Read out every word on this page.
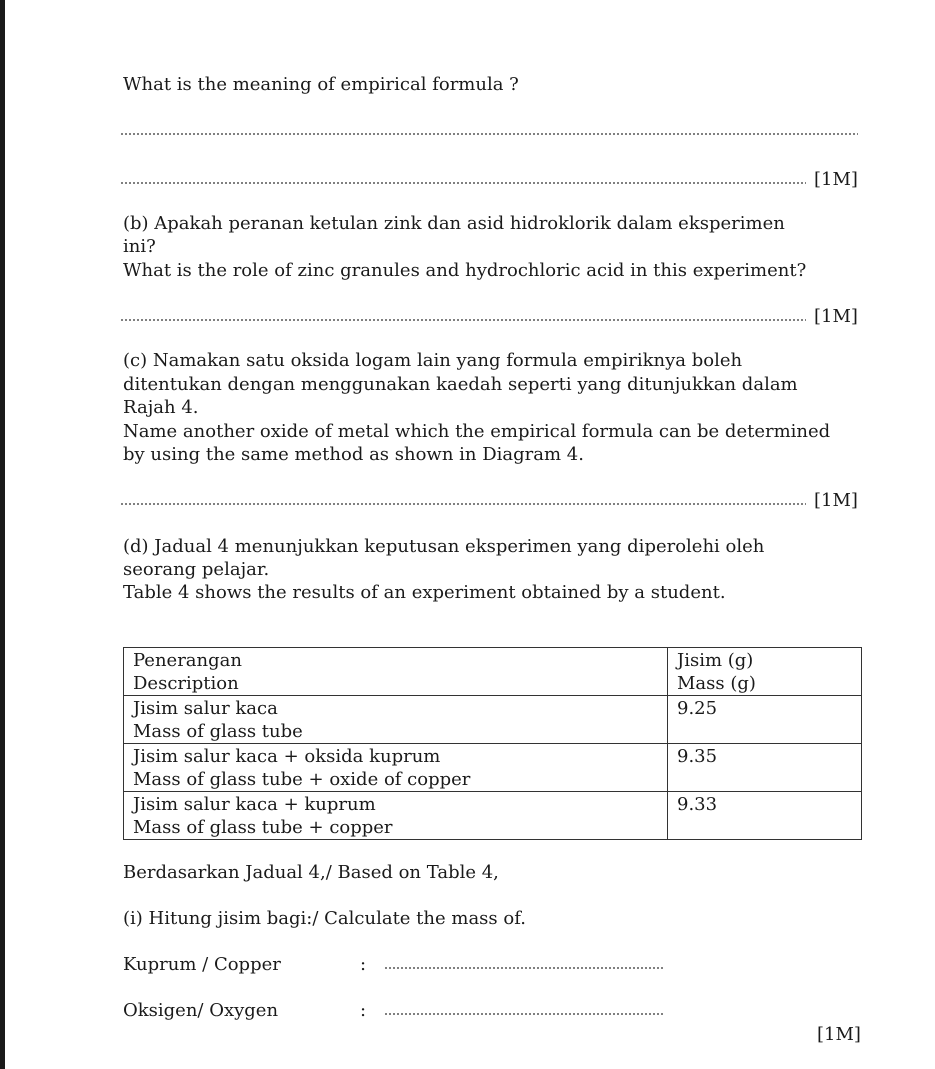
What is the meaning of empirical formula ?
[1M]
(b) Apakah peranan ketulan zink dan asid hidroklorik dalam eksperimen
ini?
What is the role of zinc granules and hydrochloric acid in this experiment?
[1M]
(c) Namakan satu oksida logam lain yang formula empiriknya boleh
ditentukan dengan menggunakan kaedah seperti yang ditunjukkan dalam
Rajah 4.
Name another oxide of metal which the empirical formula can be determined
by using the same method as shown in Diagram 4.
[1M]
(d) Jadual 4 menunjukkan keputusan eksperimen yang diperolehi oleh
seorang pelajar.
Table 4 shows the results of an experiment obtained by a student.
Penerangan
Description	Jisim (g)
Mass (g)

Jisim salur kaca
Mass of glass tube	9.25

Jisim salur kaca + oksida kuprum
Mass of glass tube + oxide of copper	9.35

Jisim salur kaca + kuprum
Mass of glass tube + copper	9.33
Berdasarkan Jadual 4,/ Based on Table 4,
(i) Hitung jisim bagi:/ Calculate the mass of.
Kuprum / Copper	:
Oksigen/ Oxygen	:
[1M]
